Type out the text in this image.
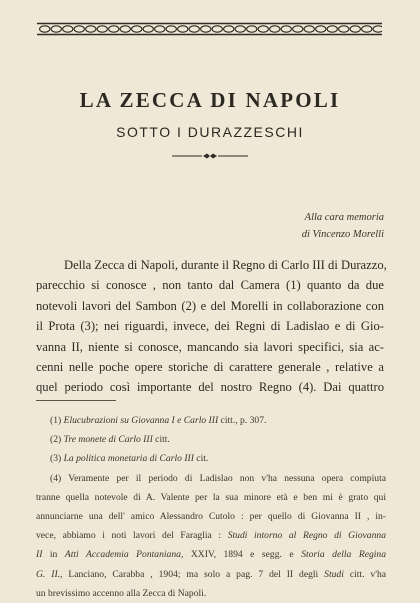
LA ZECCA DI NAPOLI
SOTTO I DURAZZESCHI
Alla cara memoria
di Vincenzo Morelli
Della Zecca di Napoli, durante il Regno di Carlo III di Durazzo,
parecchio si conosce , non tanto dal Camera (1) quanto da due
notevoli lavori del Sambon (2) e del Morelli in collaborazione con
il Prota (3); nei riguardi, invece, dei Regni di Ladislao e di Gio-
vanna II, niente si conosce, mancando sia lavori specifici, sia ac-
cenni nelle poche opere storiche di carattere generale , relative a
quel periodo così importante del nostro Regno (4). Dai quattro
(1) Elucubrazioni su Giovanna I e Carlo III citt., p. 307.
(2) Tre monete di Carlo III citt.
(3) La politica monetaria di Carlo III cit.
(4) Veramente per il periodo di Ladislao non v'ha nessuna opera compiuta
tranne quella notevole di A. Valente per la sua minore età e ben mi è grato qui
annunciarne una dell' amico Alessandro Cutolo : per quello di Giovanna II , in-
vece, abbiamo i noti lavori del Faraglia : Studi intorno al Regno di Giovanna
II in Atti Accademia Pontaniana, XXIV, 1894 e segg. e Storia della Regina
G. II., Lanciano, Carabba , 1904; ma solo a pag. 7 del II degli Studi citt. v'ha
un brevissimo accenno alla Zecca di Napoli.
